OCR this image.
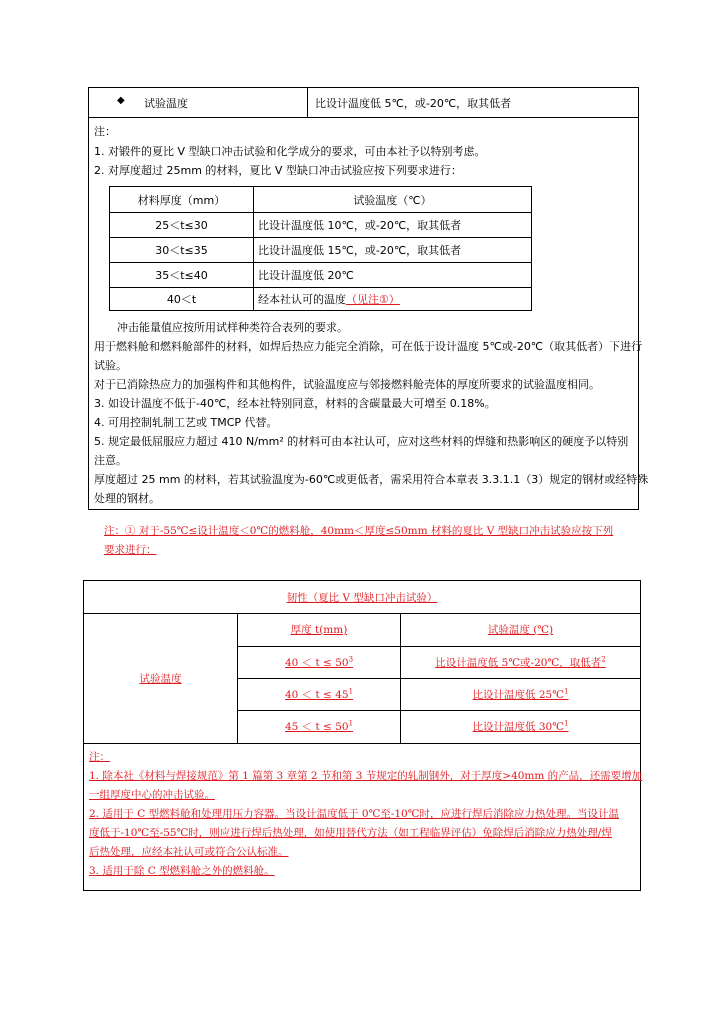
◆ 试验温度	比设计温度低 5℃，或-20℃，取其低者
注：
1. 对锻件的夏比 V 型缺口冲击试验和化学成分的要求，可由本社予以特别考虑。
2. 对厚度超过 25mm 的材料，夏比 V 型缺口冲击试验应按下列要求进行：
材料厚度（mm）	试验温度（℃）
25＜t≤30	比设计温度低 10℃，或-20℃，取其低者
30＜t≤35	比设计温度低 15℃，或-20℃，取其低者
35＜t≤40	比设计温度低 20℃
40＜t	经本社认可的温度 （见注①）
冲击能量值应按所用试样种类符合表列的要求。
用于燃料舱和燃料舱部件的材料，如焊后热应力能完全消除，可在低于设计温度 5℃或-20℃（取其低者）下进行
试验。
对于已消除热应力的加强构件和其他构件，试验温度应与邻接燃料舱壳体的厚度所要求的试验温度相同。
3. 如设计温度不低于-40℃，经本社特别同意，材料的含碳量最大可增至 0.18%。
4. 可用控制轧制工艺或 TMCP 代替。
5. 规定最低屈服应力超过 410 N/mm² 的材料可由本社认可，应对这些材料的焊缝和热影响区的硬度予以特别
注意。
厚度超过 25 mm 的材料，若其试验温度为-60℃或更低者，需采用符合本章表 3.3.1.1（3）规定的钢材或经特殊
处理的钢材。
注：① 对于-55℃≤设计温度＜0℃的燃料舱，40mm＜厚度≤50mm 材料的夏比 V 型缺口冲击试验应按下列
要求进行：
韧性（夏比 V 型缺口冲击试验）
试验温度
厚度 t(mm)	试验温度 (℃)
$40 < t \le 50^3$	比设计温度低 5℃或-20℃，取低者$^2$
$40 < t \le 45^1$	比设计温度低 25℃$^1$
$45 < t \le 50^1$	比设计温度低 30℃$^1$
注：
1. 除本社《材料与焊接规范》第 1 篇第 3 章第 2 节和第 3 节规定的轧制钢外，对于厚度>40mm 的产品，还需要增加
一组厚度中心的冲击试验。
2. 适用于 C 型燃料舱和处理用压力容器。当设计温度低于 0℃至-10℃时，应进行焊后消除应力热处理。当设计温
度低于-10℃至-55℃时，则应进行焊后热处理，如使用替代方法（如工程临界评估）免除焊后消除应力热处理/焊
后热处理，应经本社认可或符合公认标准。
3. 适用于除 C 型燃料舱之外的燃料舱。
